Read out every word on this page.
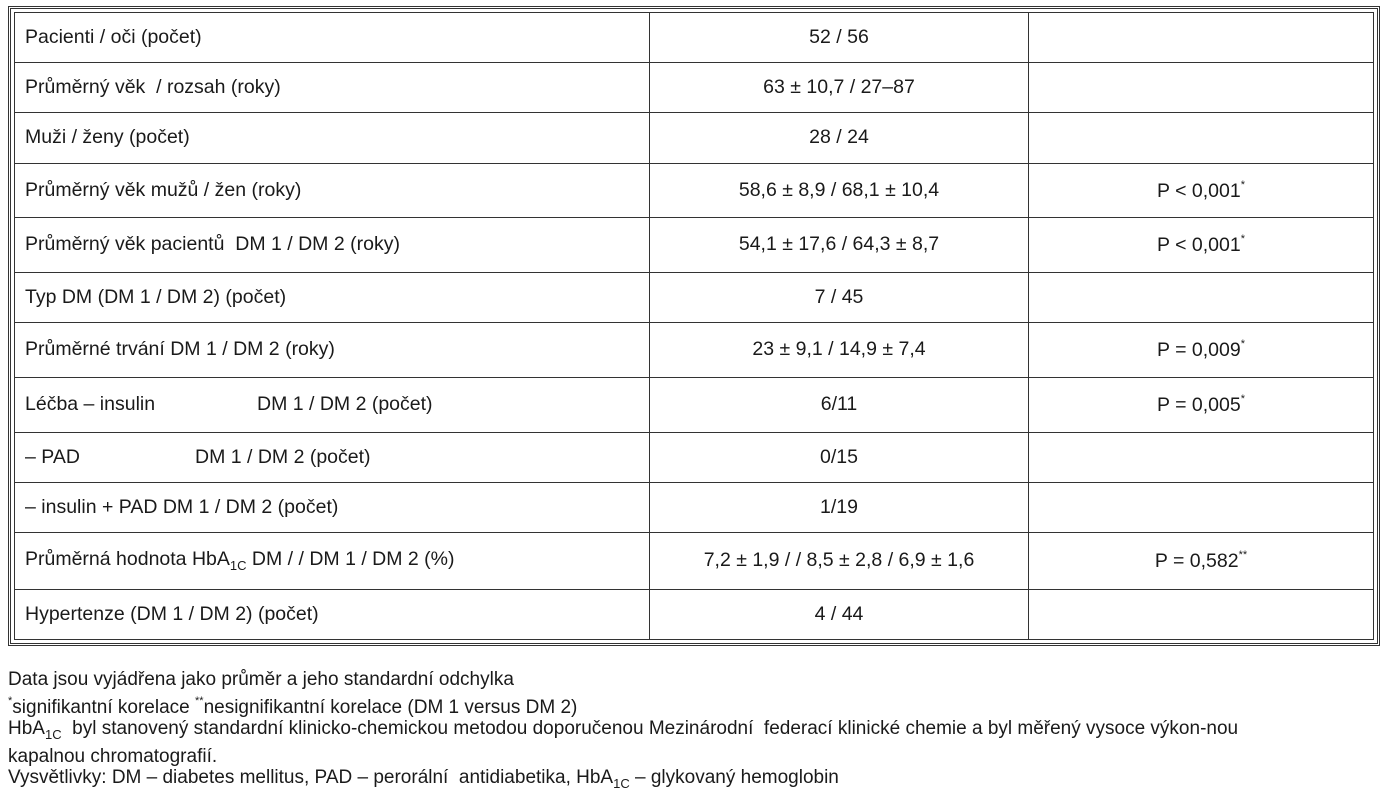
Pacienti / oči (počet)	52 / 56	
Průměrný věk  / rozsah (roky)	63 ± 10,7 / 27–87	
Muži / ženy (počet)	28 / 24	
Průměrný věk mužů / žen (roky)	58,6 ± 8,9 / 68,1 ± 10,4	P < 0,001*
Průměrný věk pacientů  DM 1 / DM 2 (roky)	54,1 ± 17,6 / 64,3 ± 8,7	P < 0,001*
Typ DM (DM 1 / DM 2) (počet)	7 / 45	
Průměrné trvání DM 1 / DM 2 (roky)	23 ± 9,1 / 14,9 ± 7,4	P = 0,009*
Léčba – insulin DM 1 / DM 2 (počet)	6/11	P = 0,005*
– PAD DM 1 / DM 2 (počet)	0/15	
– insulin + PAD DM 1 / DM 2 (počet)	1/19	
Průměrná hodnota HbA$_{1C}$ DM / / DM 1 / DM 2 (%)	7,2 ± 1,9 / / 8,5 ± 2,8 / 6,9 ± 1,6	P = 0,582**
Hypertenze (DM 1 / DM 2) (počet)	4 / 44	

Data jsou vyjádřena jako průměr a jeho standardní odchylka

*signifikantní korelace **nesignifikantní korelace (DM 1 versus DM 2)

HbA$_{1C}$  byl stanovený standardní klinicko-chemickou metodou doporučenou Mezinárodní  federací klinické chemie a byl měřený vysoce výkon-nou kapalnou chromatografií.

Vysvětlivky: DM – diabetes mellitus, PAD – perorální  antidiabetika, HbA$_{1C}$ – glykovaný hemoglobin
